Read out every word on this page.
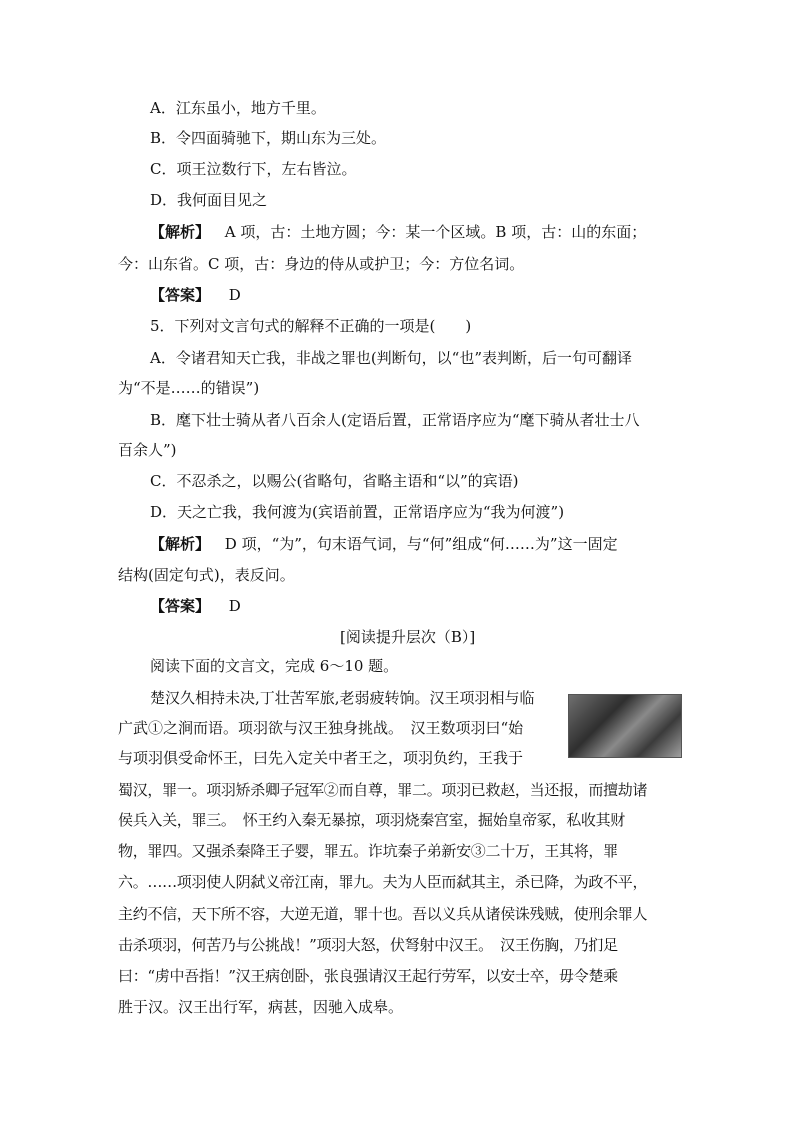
A．江东虽小，地方千里。
B．令四面骑驰下，期山东为三处。
C．项王泣数行下，左右皆泣。
D．我何面目见之
【解析】 A 项，古：土地方圆；今：某一个区域。B 项，古：山的东面；
今：山东省。C 项，古：身边的侍从或护卫；今：方位名词。
【答案】 D
5．下列对文言句式的解释不正确的一项是(　　)
A．令诸君知天亡我，非战之罪也(判断句，以“也”表判断，后一句可翻译
为“不是……的错误”)
B．麾下壮士骑从者八百余人(定语后置，正常语序应为“麾下骑从者壮士八
百余人”)
C．不忍杀之，以赐公(省略句，省略主语和“以”的宾语)
D．天之亡我，我何渡为(宾语前置，正常语序应为“我为何渡”)
【解析】 D 项，“为”，句末语气词，与“何”组成“何……为”这一固定
结构(固定句式)，表反问。
【答案】 D
[阅读提升层次（B）]
阅读下面的文言文，完成 6～10 题。
楚汉久相持未决,丁壮苦军旅,老弱疲转饷。汉王项羽相与临
广武①之涧而语。项羽欲与汉王独身挑战。　汉王数项羽曰“始
与项羽俱受命怀王，曰先入定关中者王之，项羽负约，王我于
蜀汉，罪一。项羽矫杀卿子冠军②而自尊，罪二。项羽已救赵，当还报，而擅劫诸
侯兵入关，罪三。　怀王约入秦无暴掠，项羽烧秦宫室，掘始皇帝冢，私收其财
物，罪四。又强杀秦降王子婴，罪五。诈坑秦子弟新安③二十万，王其将，罪
六。……项羽使人阴弑义帝江南，罪九。夫为人臣而弑其主，杀已降，为政不平，
主约不信，天下所不容，大逆无道，罪十也。吾以义兵从诸侯诛残贼，使刑余罪人
击杀项羽，何苦乃与公挑战！”项羽大怒，伏弩射中汉王。　汉王伤胸，乃扪足
曰：“虏中吾指！”汉王病创卧，张良强请汉王起行劳军，以安士卒，毋令楚乘
胜于汉。汉王出行军，病甚，因驰入成皋。
